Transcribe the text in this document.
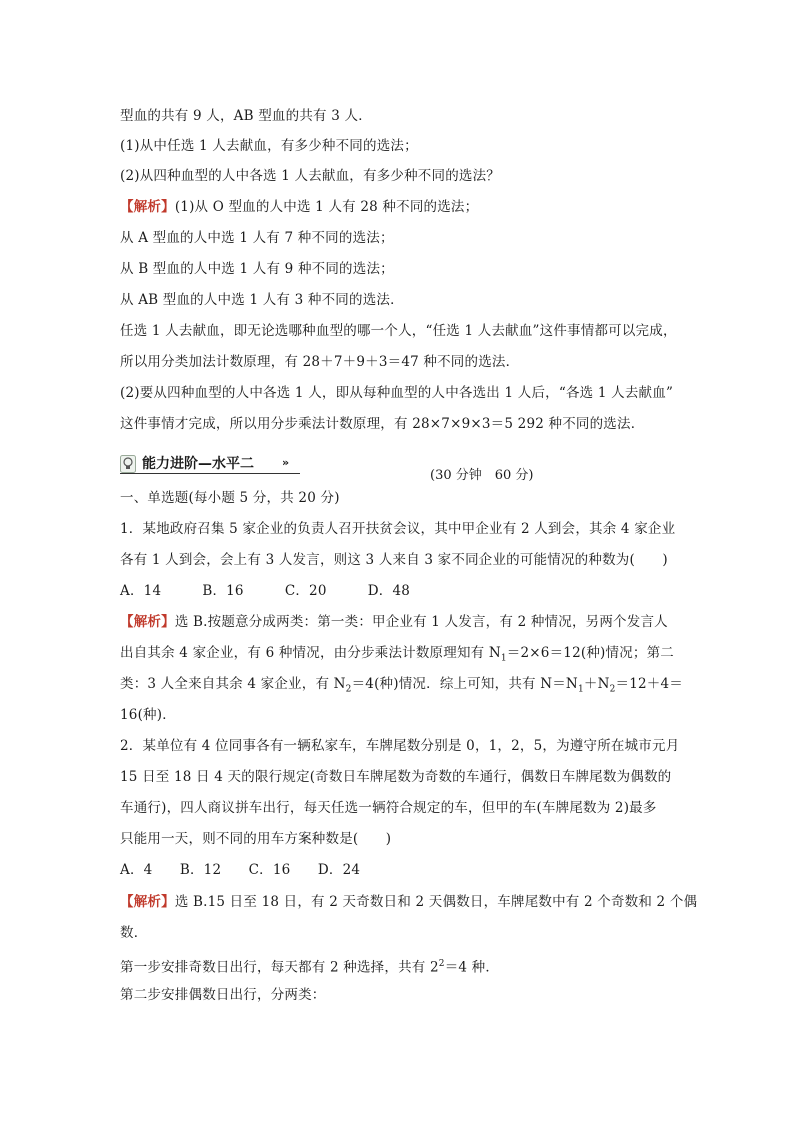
型血的共有 9 人，AB 型血的共有 3 人．
(1)从中任选 1 人去献血，有多少种不同的选法；
(2)从四种血型的人中各选 1 人去献血，有多少种不同的选法？
【解析】(1)从 O 型血的人中选 1 人有 28 种不同的选法；
从 A 型血的人中选 1 人有 7 种不同的选法；
从 B 型血的人中选 1 人有 9 种不同的选法；
从 AB 型血的人中选 1 人有 3 种不同的选法．
任选 1 人去献血，即无论选哪种血型的哪一个人，“任选 1 人去献血”这件事情都可以完成，
所以用分类加法计数原理，有 28＋7＋9＋3＝47 种不同的选法．
(2)要从四种血型的人中各选 1 人，即从每种血型的人中各选出 1 人后，“各选 1 人去献血”
这件事情才完成，所以用分步乘法计数原理，有 28×7×9×3＝5 292 种不同的选法．
能力进阶—水平二	»
(30 分钟　60 分)
一、单选题(每小题 5 分，共 20 分)
1．某地政府召集 5 家企业的负责人召开扶贫会议，其中甲企业有 2 人到会，其余 4 家企业
各有 1 人到会，会上有 3 人发言，则这 3 人来自 3 家不同企业的可能情况的种数为(　　)
A．14　　　B．16　　　C．20　　　D．48
【解析】选 B.按题意分成两类：第一类：甲企业有 1 人发言，有 2 种情况，另两个发言人
出自其余 4 家企业，有 6 种情况，由分步乘法计数原理知有 $N_1=2\times 6=12$(种)情况；第二
类：3 人全来自其余 4 家企业，有 $N_2=4$(种)情况．综上可知，共有 $N=N_1+N_2=12+4=$
16(种)．
2．某单位有 4 位同事各有一辆私家车，车牌尾数分别是 0，1，2，5，为遵守所在城市元月
15 日至 18 日 4 天的限行规定(奇数日车牌尾数为奇数的车通行，偶数日车牌尾数为偶数的
车通行)，四人商议拼车出行，每天任选一辆符合规定的车，但甲的车(车牌尾数为 2)最多
只能用一天，则不同的用车方案种数是(　　)
A．4　　B．12　　C．16　　D．24
【解析】选 B.15 日至 18 日，有 2 天奇数日和 2 天偶数日，车牌尾数中有 2 个奇数和 2 个偶
数．
第一步安排奇数日出行，每天都有 2 种选择，共有 $2^2=4$ 种．
第二步安排偶数日出行，分两类：
